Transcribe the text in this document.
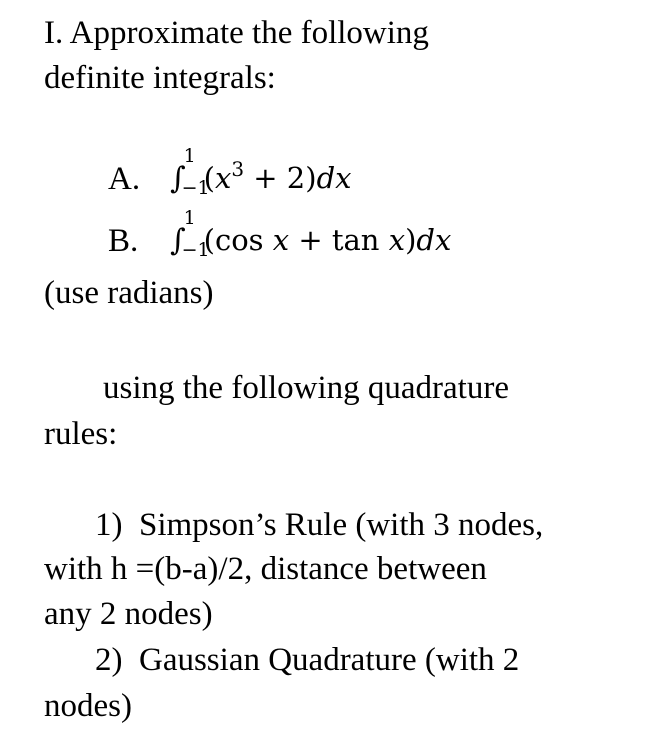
I. Approximate the following
definite integrals:
A. ∫
1
−1
$(x^3 + 2)dx$
B. ∫
1
−1
(cos x + tan x)dx
(use radians)
using the following quadrature
rules:
1)  Simpson’s Rule (with 3 nodes,
with h =(b-a)/2, distance between
any 2 nodes)
2)  Gaussian Quadrature (with 2
nodes)
